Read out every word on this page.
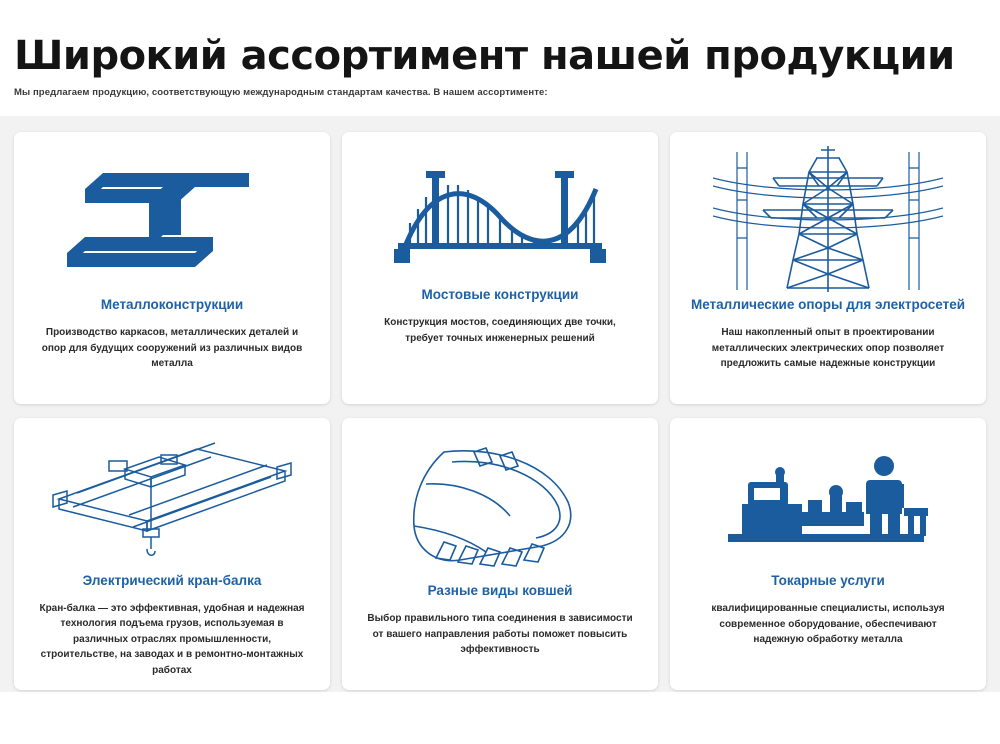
Широкий ассортимент нашей продукции

Мы предлагаем продукцию, соответствующую международным стандартам качества. В нашем ассортименте:

Металлоконструкции
Производство каркасов, металлических деталей и опор для будущих сооружений из различных видов металла
Мостовые конструкции
Конструкция мостов, соединяющих две точки, требует точных инженерных решений
Металлические опоры для электросетей
Наш накопленный опыт в проектировании металлических электрических опор позволяет предложить самые надежные конструкции
Электрический кран-балка
Кран-балка — это эффективная, удобная и надежная технология подъема грузов, используемая в различных отраслях промышленности, строительстве, на заводах и в ремонтно-монтажных работах
Разные виды ковшей
Выбор правильного типа соединения в зависимости от вашего направления работы поможет повысить эффективность
Токарные услуги
квалифицированные специалисты, используя современное оборудование, обеспечивают надежную обработку металла
